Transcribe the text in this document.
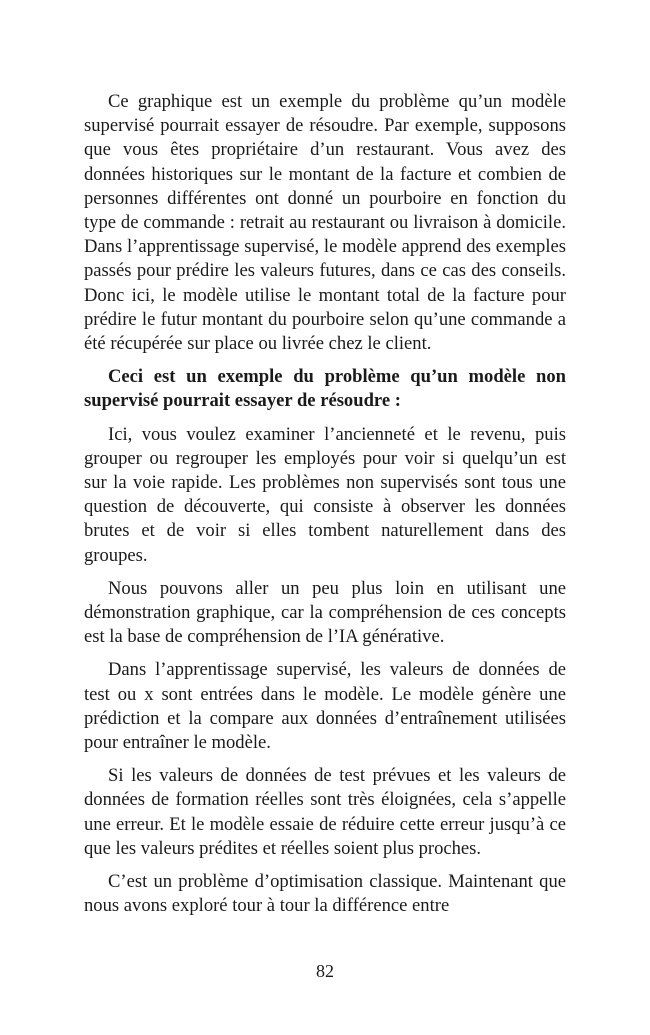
Ce graphique est un exemple du problème qu’un modèle supervisé pourrait essayer de résoudre. Par exemple, supposons que vous êtes propriétaire d’un restaurant. Vous avez des données historiques sur le montant de la facture et combien de personnes différentes ont donné un pourboire en fonction du type de commande : retrait au restaurant ou livraison à domicile. Dans l’apprentissage supervisé, le modèle apprend des exemples passés pour prédire les valeurs futures, dans ce cas des conseils. Donc ici, le modèle utilise le montant total de la facture pour prédire le futur montant du pourboire selon qu’une commande a été récupérée sur place ou livrée chez le client.

Ceci est un exemple du problème qu’un modèle non supervisé pourrait essayer de résoudre :

Ici, vous voulez examiner l’ancienneté et le revenu, puis grouper ou regrouper les employés pour voir si quelqu’un est sur la voie rapide. Les problèmes non supervisés sont tous une question de découverte, qui consiste à observer les données brutes et de voir si elles tombent naturellement dans des groupes.

Nous pouvons aller un peu plus loin en utilisant une démonstration graphique, car la compréhension de ces concepts est la base de compréhension de l’IA générative.

Dans l’apprentissage supervisé, les valeurs de données de test ou x sont entrées dans le modèle. Le modèle génère une prédiction et la compare aux données d’entraînement utilisées pour entraîner le modèle.

Si les valeurs de données de test prévues et les valeurs de données de formation réelles sont très éloignées, cela s’appelle une erreur. Et le modèle essaie de réduire cette erreur jusqu’à ce que les valeurs prédites et réelles soient plus proches.

C’est un problème d’optimisation classique. Maintenant que nous avons exploré tour à tour la différence entre

82
